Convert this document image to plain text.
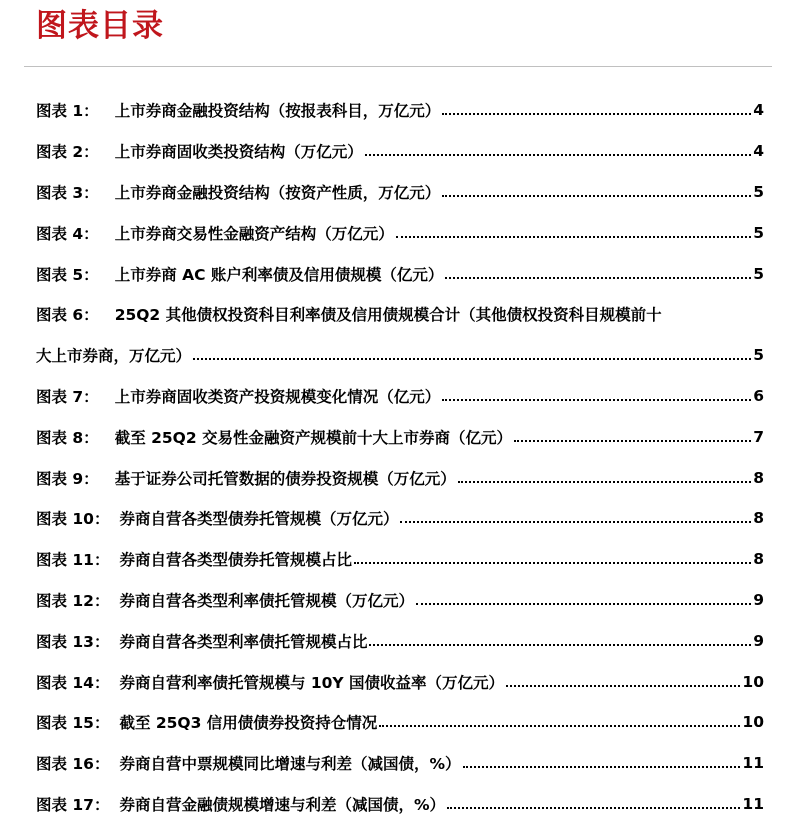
图表目录
图表 1： 上市券商金融投资结构（按报表科目，万亿元）	4
图表 2： 上市券商固收类投资结构（万亿元）	4
图表 3： 上市券商金融投资结构（按资产性质，万亿元）	5
图表 4： 上市券商交易性金融资产结构（万亿元）	5
图表 5： 上市券商 AC 账户利率债及信用债规模（亿元）	5
图表 6： 25Q2 其他债权投资科目利率债及信用债规模合计（其他债权投资科目规模前十
大上市券商，万亿元）	5
图表 7： 上市券商固收类资产投资规模变化情况（亿元）	6
图表 8： 截至 25Q2 交易性金融资产规模前十大上市券商（亿元）	7
图表 9： 基于证券公司托管数据的债券投资规模（万亿元）	8
图表 10： 券商自营各类型债券托管规模（万亿元）	8
图表 11： 券商自营各类型债券托管规模占比	8
图表 12： 券商自营各类型利率债托管规模（万亿元）	9
图表 13： 券商自营各类型利率债托管规模占比	9
图表 14： 券商自营利率债托管规模与 10Y 国债收益率（万亿元）	10
图表 15： 截至 25Q3 信用债债券投资持仓情况	10
图表 16： 券商自营中票规模同比增速与利差（减国债，%）	11
图表 17： 券商自营金融债规模增速与利差（减国债，%）	11
